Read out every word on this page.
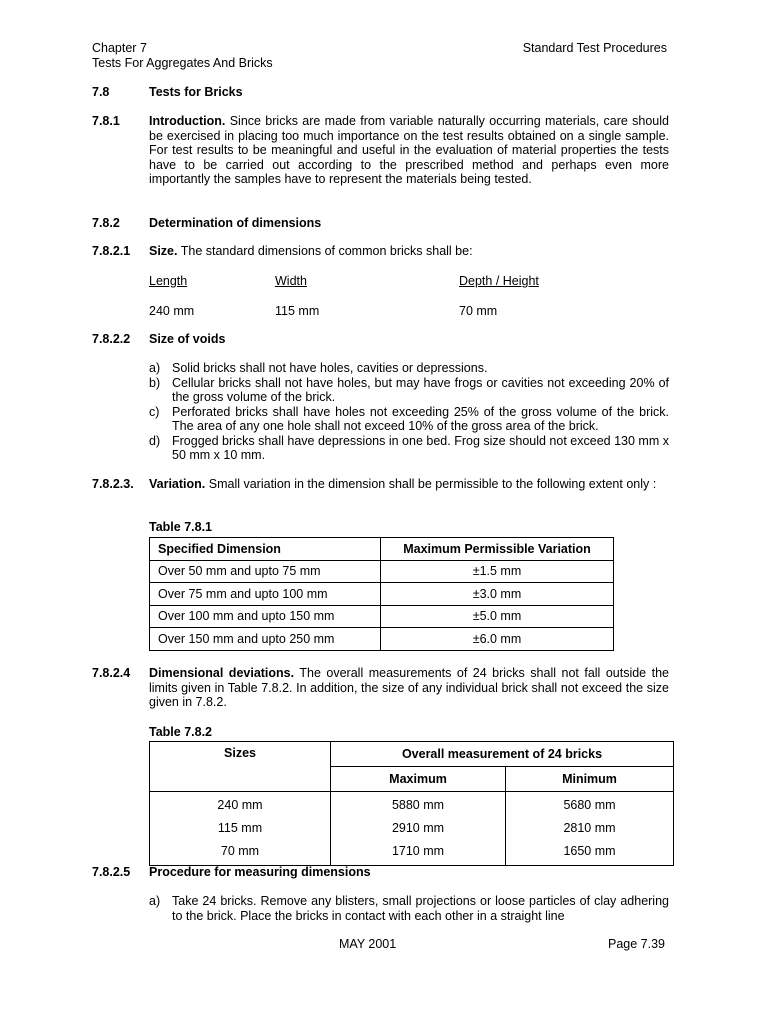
Chapter 7
Tests For Aggregates And Bricks
Standard Test Procedures
7.8	Tests for Bricks
7.8.1 Introduction. Since bricks are made from variable naturally occurring materials, care should be exercised in placing too much importance on the test results obtained on a single sample. For test results to be meaningful and useful in the evaluation of material properties the tests have to be carried out according to the prescribed method and perhaps even more importantly the samples have to represent the materials being tested.
7.8.2 Determination of dimensions
7.8.2.1 Size. The standard dimensions of common bricks shall be:
Length	Width	Depth / Height
240 mm	115 mm	70 mm
7.8.2.2 Size of voids
a) Solid bricks shall not have holes, cavities or depressions.
b) Cellular bricks shall not have holes, but may have frogs or cavities not exceeding 20% of the gross volume of the brick.
c) Perforated bricks shall have holes not exceeding 25% of the gross volume of the brick. The area of any one hole shall not exceed 10% of the gross area of the brick.
d) Frogged bricks shall have depressions in one bed. Frog size should not exceed 130 mm x 50 mm x 10 mm.
7.8.2.3. Variation. Small variation in the dimension shall be permissible to the following extent only :
Table 7.8.1
Specified Dimension	Maximum Permissible Variation
Over 50 mm and upto 75 mm	±1.5 mm
Over 75 mm and upto 100 mm	±3.0 mm
Over 100 mm and upto 150 mm	±5.0 mm
Over 150 mm and upto 250 mm	±6.0 mm
7.8.2.4 Dimensional deviations. The overall measurements of 24 bricks shall not fall outside the limits given in Table 7.8.2. In addition, the size of any individual brick shall not exceed the size given in 7.8.2.
Table 7.8.2
Sizes	Overall measurement of 24 bricks	
	Maximum	Minimum
240 mm	5880 mm	5680 mm
115 mm	2910 mm	2810 mm
70 mm	1710 mm	1650 mm
7.8.2.5 Procedure for measuring dimensions
a) Take 24 bricks. Remove any blisters, small projections or loose particles of clay adhering to the brick. Place the bricks in contact with each other in a straight line
MAY 2001	Page 7.39
